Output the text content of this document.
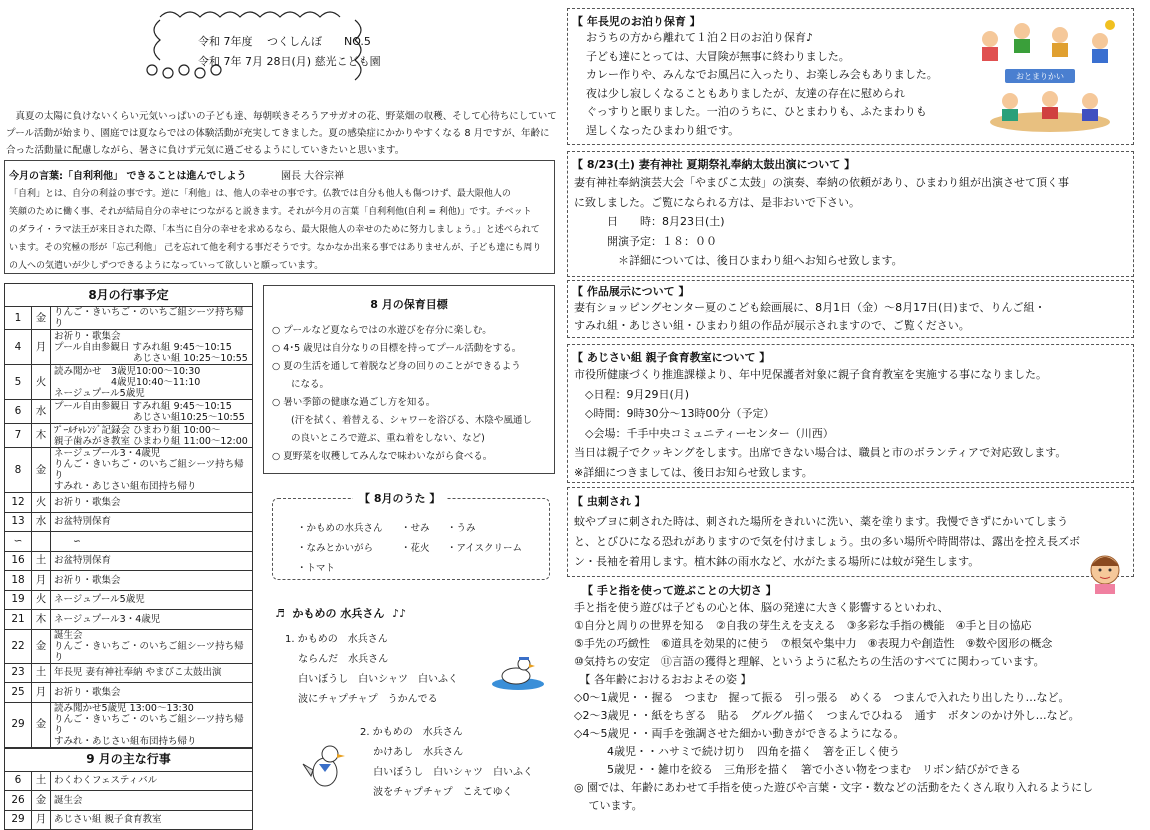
令和 7年度　 つくしんぼ　　NO.5
令和 7年 7月 28日(月) 慈光こども園
　真夏の太陽に負けないくらい元気いっぱいの子ども達、毎朝咲きそろうアサガオの花、野菜畑の収穫、そして心待ちにしていて
プール活動が始まり、園庭では夏ならではの体験活動が充実してきました。夏の感染症にかかりやすくなる 8 月ですが、年齢に
合った活動量に配慮しながら、暑さに負けず元気に過ごせるようにしていきたいと思います。
今月の言葉:「自利利他」 できることは進んでしよう	園長 大谷宗禅
「自利」とは、自分の利益の事です。逆に「利他」は、他人の幸せの事です。仏教では自分も他人も傷つけず、最大限他人の
笑顔のために働く事、それが結局自分の幸せにつながると説きます。それが今月の言葉「自利利他(自利 = 利他)」です。チベット
のダライ・ラマ法王が来日された際、「本当に自分の幸せを求めるなら、最大限他人の幸せのために努力しましょう。」と述べられて
います。その究極の形が「忘己利他」 己を忘れて他を利する事だそうです。なかなか出来る事ではありませんが、子ども達にも周り
の人への気遣いが少しずつできるようになっていって欲しいと願っています。
8月の行事予定		
1	金	りんご・きいちご・のいちご組シーツ持ち帰り
4	月	お祈り・歌集会
プール自由参観日 すみれ組 9:45～10:15
　　　　　　　　 あじさい組 10:25～10:55
5	火	読み聞かせ　3歳児10:00～10:30
　　　　　　4歳児10:40～11:10
ネージュプール5歳児
6	水	プール自由参観日 すみれ組 9:45～10:15
　　　　　　　　 あじさい組10:25～10:55
7	木	ﾌﾟｰﾙﾁｬﾚﾝｼﾞ記録会 ひまわり組 10:00～
親子歯みがき教室 ひまわり組 11:00～12:00
8	金	ネージュプール3・4歳児
りんご・きいちご・のいちご組シーツ持ち帰り
すみれ・あじさい組布団持ち帰り
12	火	お祈り・歌集会
13	水	お盆特別保育
∽		　　∽
16	土	お盆特別保育
18	月	お祈り・歌集会
19	火	ネージュプール5歳児
21	木	ネージュプール3・4歳児
22	金	誕生会
りんご・きいちご・のいちご組シーツ持ち帰り
23	土	年長児 妻有神社奉納 やまびこ太鼓出演
25	月	お祈り・歌集会
29	金	読み聞かせ5歳児 13:00～13:30
りんご・きいちご・のいちご組シーツ持ち帰り
すみれ・あじさい組布団持ち帰り
9 月の主な行事		
6	土	わくわくフェスティバル
26	金	誕生会
29	月	あじさい組 親子食育教室
8 月の保育目標
○ プールなど夏ならではの水遊びを存分に楽しむ。
○ 4･5 歳児は自分なりの目標を持ってプール活動をする。
○ 夏の生活を通して着脱など身の回りのことができるよう
　　になる。
○ 暑い季節の健康な過ごし方を知る。
　　(汗を拭く、着替える、シャワーを浴びる、木陰や風通し
　　の良いところで遊ぶ、重ね着をしない、など)
○ 夏野菜を収穫してみんなで味わいながら食べる。
【 8月のうた 】
・かもめの水兵さん	・せみ	・うみ
・なみとかいがら	・花火	・アイスクリーム
・トマト
♬ かもめの 水兵さん  ♪♪
1. かもめの　水兵さん
　 ならんだ　水兵さん
　 白いぼうし　白いシャツ　白いふく
　 波にチャプチャプ　うかんでる
2. かもめの　水兵さん
　 かけあし　水兵さん
　 白いぼうし　白いシャツ　白いふく
　 波をチャプチャプ　こえてゆく

【 年長児のお泊り保育 】

おうちの方から離れて１泊２日のお泊り保育♪

子ども達にとっては、大冒険が無事に終わりました。

カレー作りや、みんなでお風呂に入ったり、お楽しみ会もありました。

夜は少し寂しくなることもありましたが、友達の存在に慰められ

ぐっすりと眠りました。一泊のうちに、ひとまわりも、ふたまわりも

逞しくなったひまわり組です。

おとまりかい

【 8/23(土) 妻有神社 夏期祭礼奉納太鼓出演について 】

妻有神社奉納演芸大会「やまびこ太鼓」の演奏、奉納の依頼があり、ひまわり組が出演させて頂く事

に致しました。ご覧になられる方は、是非おいで下さい。

　　　日　　時：8月23日(土)

　　　開演予定：１８：００

　　　　＊詳細については、後日ひまわり組へお知らせ致します。

【 作品展示について 】

妻有ショッピングセンター夏のこども絵画展に、8月1日（金）～8月17日(日)まで、りんご組・

すみれ組・あじさい組・ひまわり組の作品が展示されますので、ご覧ください。

【 あじさい組 親子食育教室について 】

市役所健康づくり推進課様より、年中児保護者対象に親子食育教室を実施する事になりました。

　◇日程：9月29日(月)

　◇時間：9時30分～13時00分（予定）

　◇会場：千手中央コミュニティーセンター（川西）

当日は親子でクッキングをします。出席できない場合は、職員と市のボランティアで対応致します。

※詳細につきましては、後日お知らせ致します。

【 虫刺され 】

蚊やブヨに刺された時は、刺された場所をきれいに洗い、薬を塗ります。我慢できずにかいてしまう

と、とびひになる恐れがありますので気を付けましょう。虫の多い場所や時間帯は、露出を控え長ズボ

ン・長袖を着用します。植木鉢の雨水など、水がたまる場所には蚊が発生します。

【 手と指を使って遊ぶことの大切さ 】

手と指を使う遊びは子どもの心と体、脳の発達に大きく影響するといわれ、

①自分と周りの世界を知る　②自我の芽生えを支える　③多彩な手指の機能　④手と目の協応

⑤手先の巧緻性　⑥道具を効果的に使う　⑦根気や集中力　⑧表現力や創造性　⑨数や図形の概念

⑩気持ちの安定　⑪言語の獲得と理解、というように私たちの生活のすべてに関わっています。

　【 各年齢におけるおおよその姿 】

◇0～1歳児・・握る　つまむ　握って振る　引っ張る　めくる　つまんで入れたり出したり…など。

◇2～3歳児・・紙をちぎる　貼る　グルグル描く　つまんでひねる　通す　ボタンのかけ外し…など。

◇4～5歳児・・両手を強調させた細かい動きができるようになる。

　　　4歳児・・ハサミで続け切り　四角を描く　箸を正しく使う

　　　5歳児・・雑巾を絞る　三角形を描く　箸で小さい物をつまむ　リボン結びができる

◎ 園では、年齢にあわせて手指を使った遊びや言葉・文字・数などの活動をたくさん取り入れるようにし

　 ています。
